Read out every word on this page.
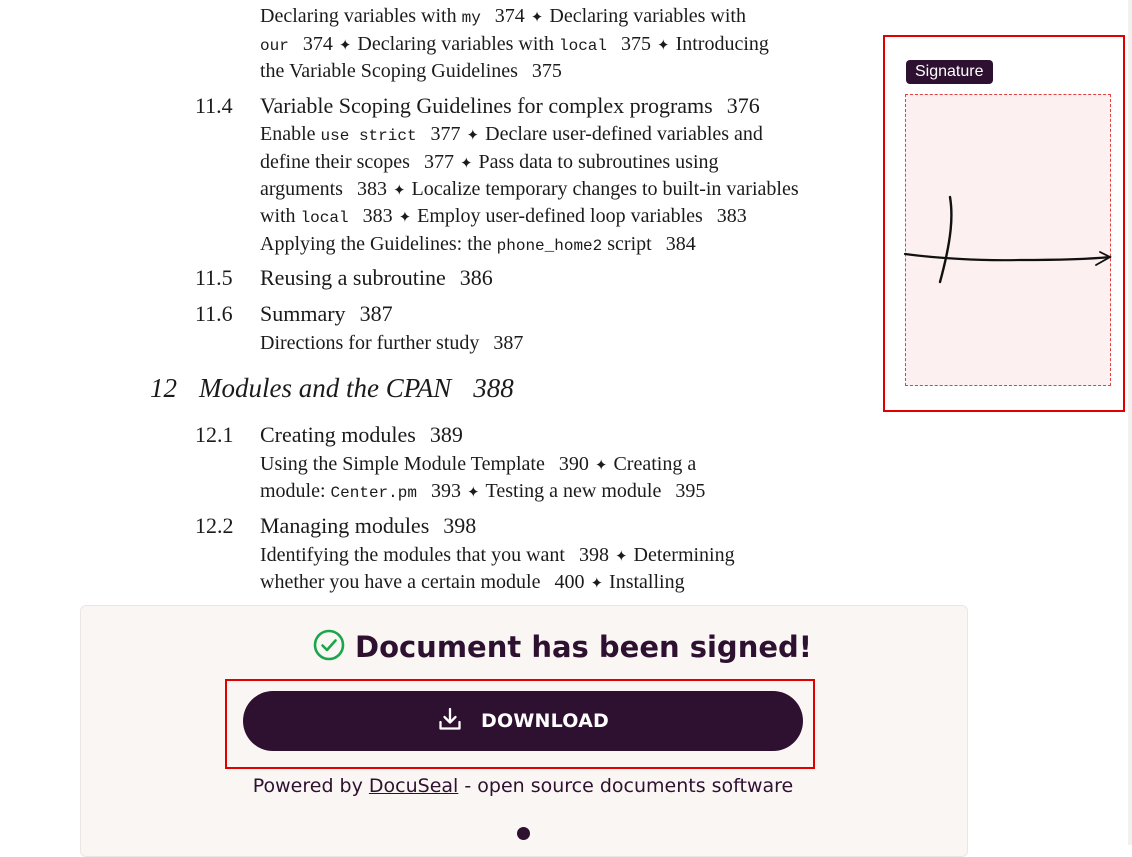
Declaring variables with my 374 ✦ Declaring variables with
our 374 ✦ Declaring variables with local 375 ✦ Introducing
the Variable Scoping Guidelines 375
11.4 Variable Scoping Guidelines for complex programs 376
Enable use strict 377 ✦ Declare user-defined variables and
define their scopes 377 ✦ Pass data to subroutines using
arguments 383 ✦ Localize temporary changes to built-in variables
with local 383 ✦ Employ user-defined loop variables 383
Applying the Guidelines: the phone_home2 script 384
11.5 Reusing a subroutine 386
11.6 Summary 387
Directions for further study 387
12 Modules and the CPAN 388
12.1 Creating modules 389
Using the Simple Module Template 390 ✦ Creating a
module: Center.pm 393 ✦ Testing a new module 395
12.2 Managing modules 398
Identifying the modules that you want 398 ✦ Determining
whether you have a certain module 400 ✦ Installing
Signature
Document has been signed!
DOWNLOAD
Powered by DocuSeal - open source documents software
